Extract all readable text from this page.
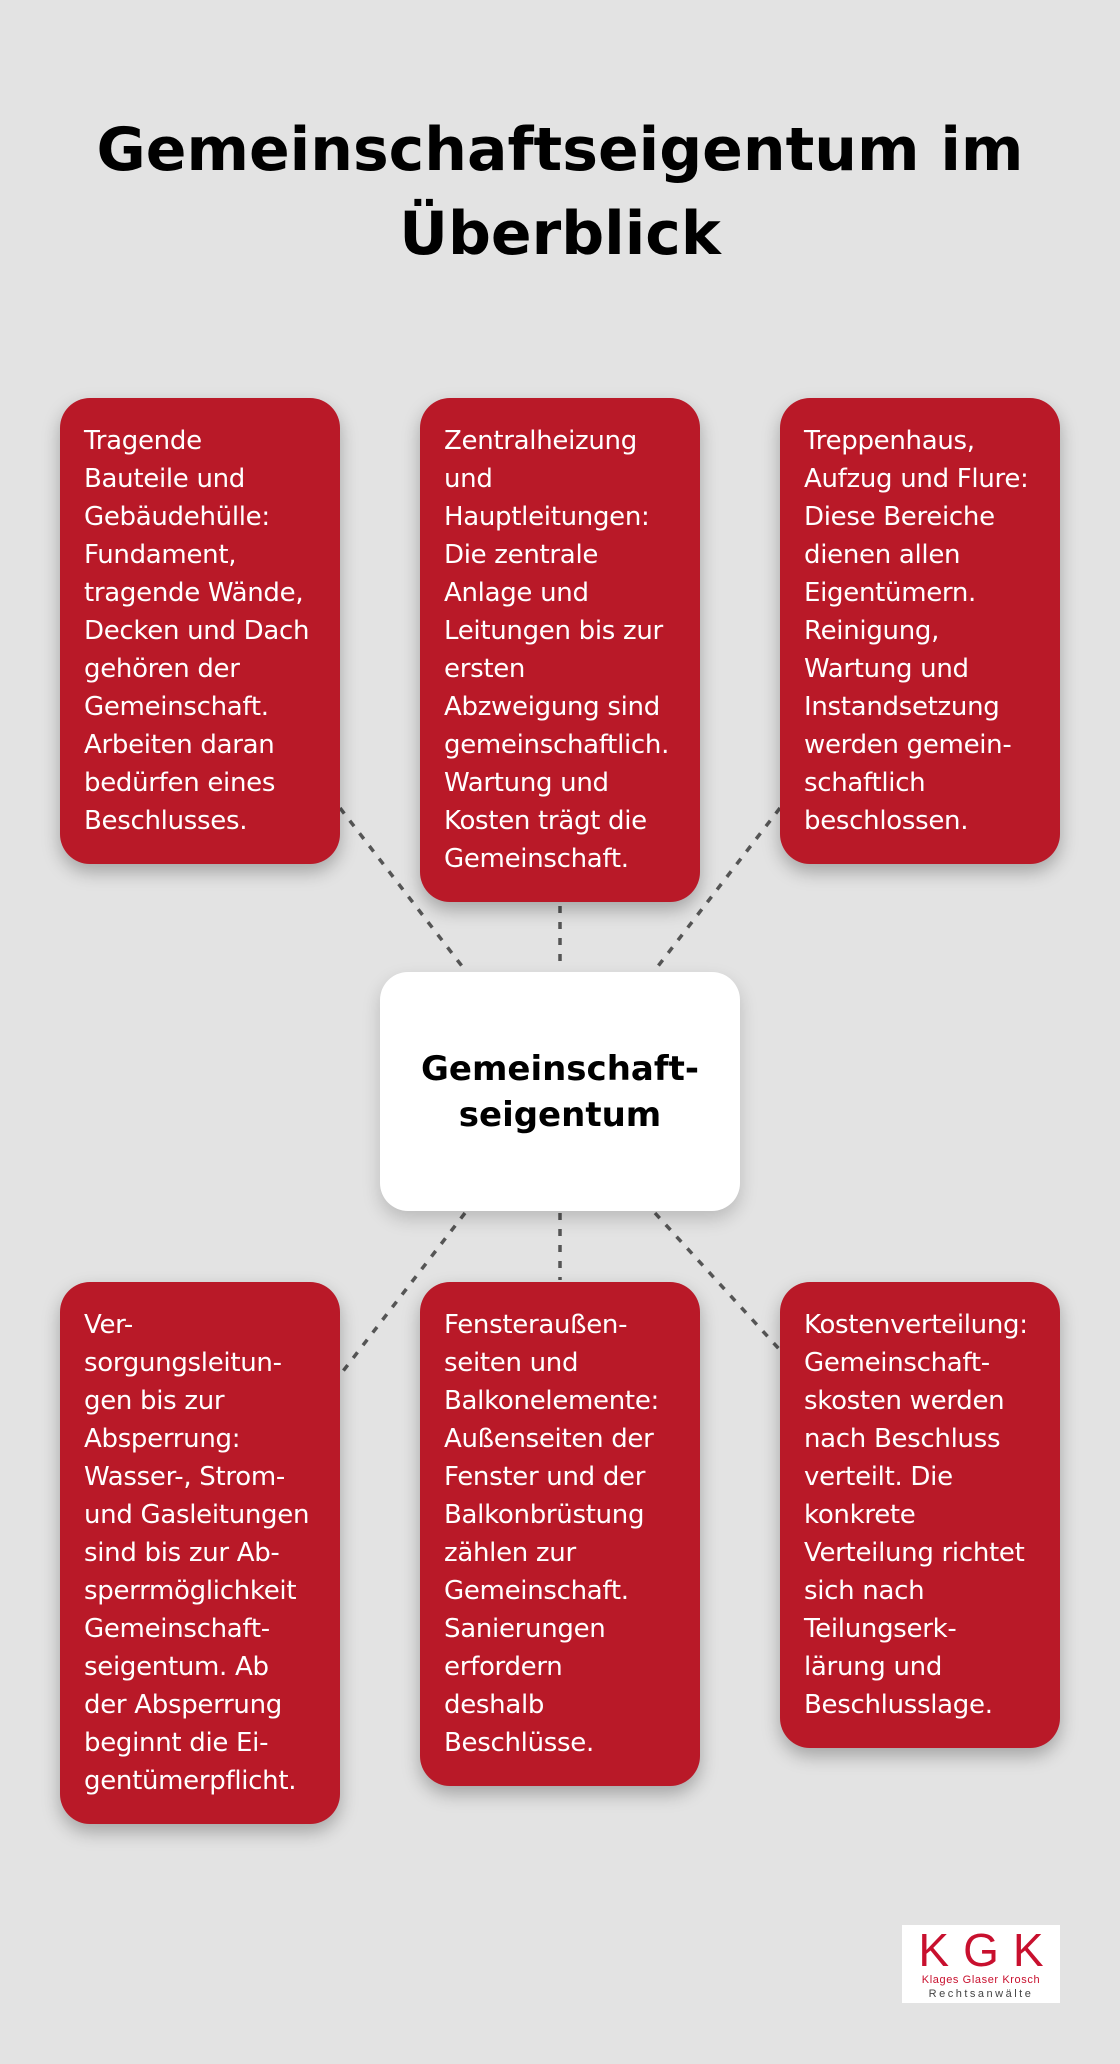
Gemeinschaftseigentum im
Überblick
Tragende
Bauteile und
Gebäudehülle:
Fundament,
tragende Wände,
Decken und Dach
gehören der
Gemeinschaft.
Arbeiten daran
bedürfen eines
Beschlusses.
Zentralheizung
und
Hauptleitungen:
Die zentrale
Anlage und
Leitungen bis zur
ersten
Abzweigung sind
gemeinschaftlich.
Wartung und
Kosten trägt die
Gemeinschaft.
Treppenhaus,
Aufzug und Flure:
Diese Bereiche
dienen allen
Eigentümern.
Reinigung,
Wartung und
Instandsetzung
werden gemein-
schaftlich
beschlossen.
Gemeinschaft-
seigentum
Ver-
sorgungsleitun-
gen bis zur
Absperrung:
Wasser-, Strom-
und Gasleitungen
sind bis zur Ab-
sperrmöglichkeit
Gemeinschaft-
seigentum. Ab
der Absperrung
beginnt die Ei-
gentümerpflicht.
Fensteraußen-
seiten und
Balkonelemente:
Außenseiten der
Fenster und der
Balkonbrüstung
zählen zur
Gemeinschaft.
Sanierungen
erfordern
deshalb
Beschlüsse.
Kostenverteilung:
Gemeinschaft-
skosten werden
nach Beschluss
verteilt. Die
konkrete
Verteilung richtet
sich nach
Teilungserk-
lärung und
Beschlusslage.
KGK
Klages Glaser Krosch
Rechtsanwälte
